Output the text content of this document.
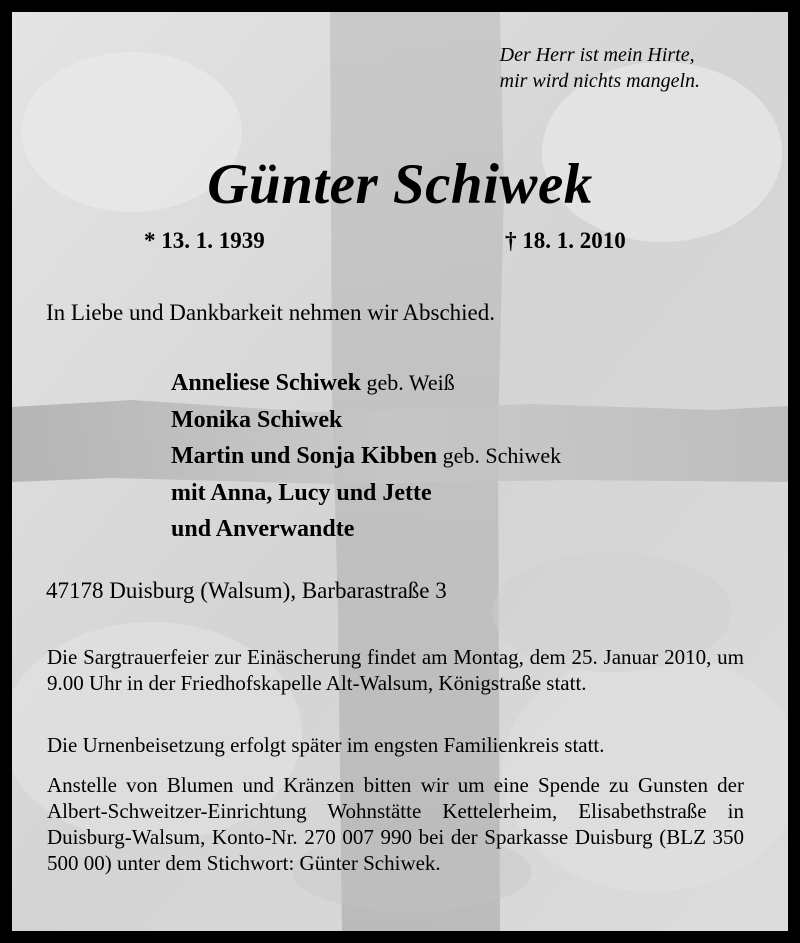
Der Herr ist mein Hirte,
mir wird nichts mangeln.
Günter Schiwek
* 13. 1. 1939	† 18. 1. 2010
In Liebe und Dankbarkeit nehmen wir Abschied.
Anneliese Schiwek geb. Weiß
Monika Schiwek
Martin und Sonja Kibben geb. Schiwek
mit Anna, Lucy und Jette
und Anverwandte
47178 Duisburg (Walsum), Barbarastraße 3
Die Sargtrauerfeier zur Einäscherung findet am Montag, dem 25. Januar 2010, um 9.00 Uhr in der Friedhofskapelle Alt-Walsum, Königstraße statt.
Die Urnenbeisetzung erfolgt später im engsten Familienkreis statt.
Anstelle von Blumen und Kränzen bitten wir um eine Spende zu Gunsten der Albert-Schweitzer-Einrichtung Wohnstätte Kettelerheim, Elisabethstraße in Duisburg-Walsum, Konto-Nr. 270 007 990 bei der Sparkasse Duisburg (BLZ 350 500 00) unter dem Stichwort: Günter Schiwek.
